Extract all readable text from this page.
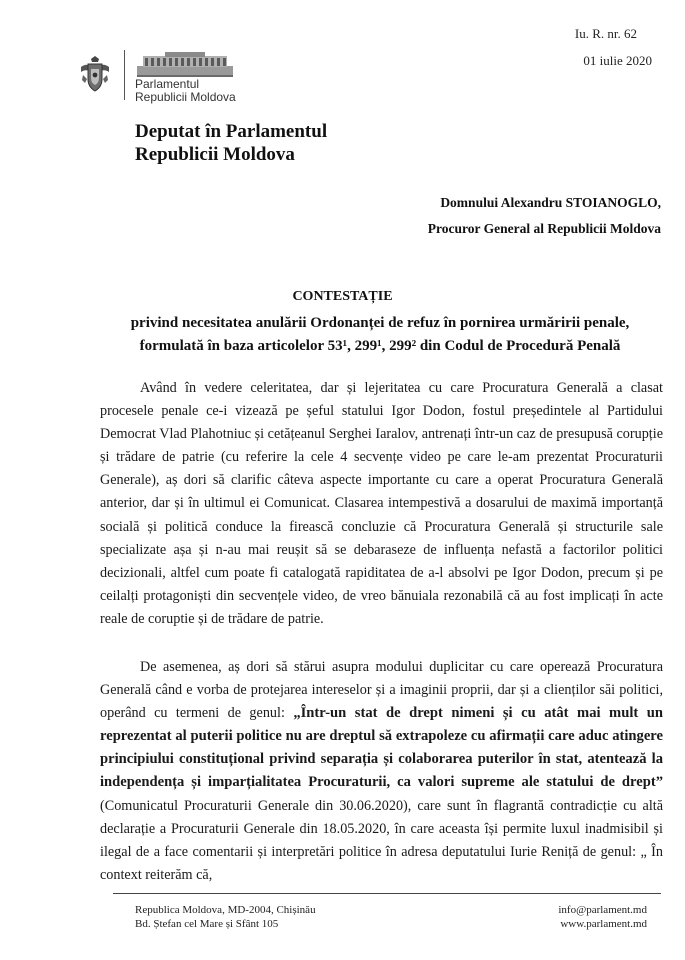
Parlamentul
Republicii Moldova
Iu. R. nr. 62
01 iulie 2020
Deputat în Parlamentul
Republicii Moldova
Domnului Alexandru STOIANOGLO,
Procuror General al Republicii Moldova
CONTESTAȚIE
privind necesitatea anulării Ordonanței de refuz în pornirea urmăririi penale,
formulată în baza articolelor 53¹, 299¹, 299² din Codul de Procedură Penală

Având în vedere celeritatea, dar și lejeritatea cu care Procuratura Generală a clasat procesele penale ce-i vizează pe șeful statului Igor Dodon, fostul președintele al Partidului Democrat Vlad Plahotniuc și cetățeanul Serghei Iaralov, antrenați într-un caz de presupusă corupție și trădare de patrie (cu referire la cele 4 secvențe video pe care le-am prezentat Procuraturii Generale), aș dori să clarific câteva aspecte importante cu care a operat Procuratura Generală anterior, dar și în ultimul ei Comunicat. Clasarea intempestivă a dosarului de maximă importanță socială și politică conduce la firească concluzie că Procuratura Generală și structurile sale specializate așa și n-au mai reușit să se debaraseze de influența nefastă a factorilor politici decizionali, altfel cum poate fi catalogată rapiditatea de a-l absolvi pe Igor Dodon, precum și pe ceilalți protagoniști din secvențele video, de vreo bănuiala rezonabilă că au fost implicați în acte reale de coruptie și de trădare de patrie.

De asemenea, aș dori să stărui asupra modului duplicitar cu care operează Procuratura Generală când e vorba de protejarea intereselor și a imaginii proprii, dar și a clienților săi politici, operând cu termeni de genul: „Într-un stat de drept nimeni și cu atât mai mult un reprezentat al puterii politice nu are dreptul să extrapoleze cu afirmații care aduc atingere principiului constituțional privind separația și colaborarea puterilor în stat, atentează la independența și imparțialitatea Procuraturii, ca valori supreme ale statului de drept” (Comunicatul Procuraturii Generale din 30.06.2020), care sunt în flagrantă contradicție cu altă declarație a Procuraturii Generale din 18.05.2020, în care aceasta își permite luxul inadmisibil și ilegal de a face comentarii și interpretări politice în adresa deputatului Iurie Reniță de genul: „ În context reiterăm că,

Republica Moldova, MD-2004, Chișinău
Bd. Ștefan cel Mare și Sfânt 105
info@parlament.md
www.parlament.md
